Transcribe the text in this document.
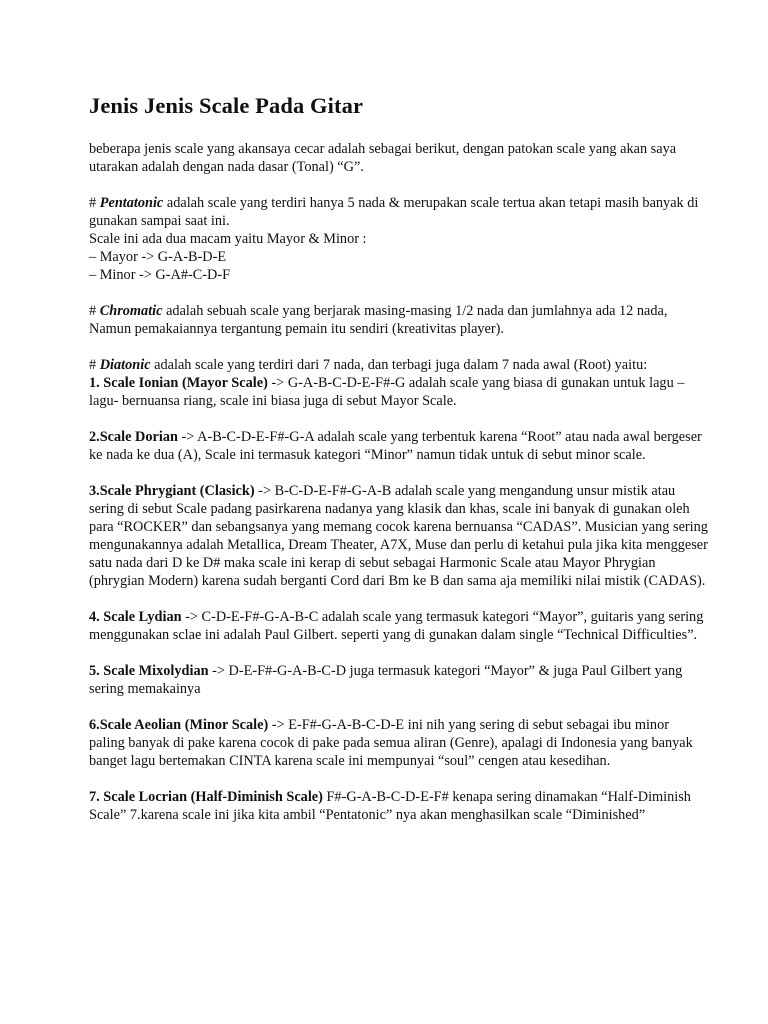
Jenis Jenis Scale Pada Gitar

beberapa jenis scale yang akansaya cecar adalah sebagai berikut, dengan patokan scale yang akan saya utarakan adalah dengan nada dasar (Tonal) “G”.

# Pentatonic adalah scale yang terdiri hanya 5 nada & merupakan scale tertua akan tetapi masih banyak di gunakan sampai saat ini.

Scale ini ada dua macam yaitu Mayor & Minor :

– Mayor -> G-A-B-D-E

– Minor -> G-A#-C-D-F

# Chromatic adalah sebuah scale yang berjarak masing-masing 1/2 nada dan jumlahnya ada 12 nada, Namun pemakaiannya tergantung pemain itu sendiri (kreativitas player).

# Diatonic adalah scale yang terdiri dari 7 nada, dan terbagi juga dalam 7 nada awal (Root) yaitu:

1. Scale Ionian (Mayor Scale) -> G-A-B-C-D-E-F#-G adalah scale yang biasa di gunakan untuk lagu – lagu- bernuansa riang, scale ini biasa juga di sebut Mayor Scale.

2.Scale Dorian -> A-B-C-D-E-F#-G-A adalah scale yang terbentuk karena “Root” atau nada awal bergeser ke nada ke dua (A), Scale ini termasuk kategori “Minor” namun tidak untuk di sebut minor scale.

3.Scale Phrygiant (Clasick) -> B-C-D-E-F#-G-A-B adalah scale yang mengandung unsur mistik atau sering di sebut Scale padang pasirkarena nadanya yang klasik dan khas, scale ini banyak di gunakan oleh para “ROCKER” dan sebangsanya yang memang cocok karena bernuansa “CADAS”. Musician yang sering mengunakannya adalah Metallica, Dream Theater, A7X, Muse dan perlu di ketahui pula jika kita menggeser satu nada dari D ke D# maka scale ini kerap di sebut sebagai Harmonic Scale atau Mayor Phrygian (phrygian Modern) karena sudah berganti Cord dari Bm ke B dan sama aja memiliki nilai mistik (CADAS).

4. Scale Lydian -> C-D-E-F#-G-A-B-C adalah scale yang termasuk kategori “Mayor”, guitaris yang sering menggunakan sclae ini adalah Paul Gilbert. seperti yang di gunakan dalam single “Technical Difficulties”.

5. Scale Mixolydian -> D-E-F#-G-A-B-C-D juga termasuk kategori “Mayor” & juga Paul Gilbert yang sering memakainya

6.Scale Aeolian (Minor Scale) -> E-F#-G-A-B-C-D-E ini nih yang sering di sebut sebagai ibu minor paling banyak di pake karena cocok di pake pada semua aliran (Genre), apalagi di Indonesia yang banyak banget lagu bertemakan CINTA karena scale ini mempunyai “soul” cengen atau kesedihan.

7. Scale Locrian (Half-Diminish Scale) F#-G-A-B-C-D-E-F# kenapa sering dinamakan “Half-Diminish Scale” 7.karena scale ini jika kita ambil “Pentatonic” nya akan menghasilkan scale “Diminished”
